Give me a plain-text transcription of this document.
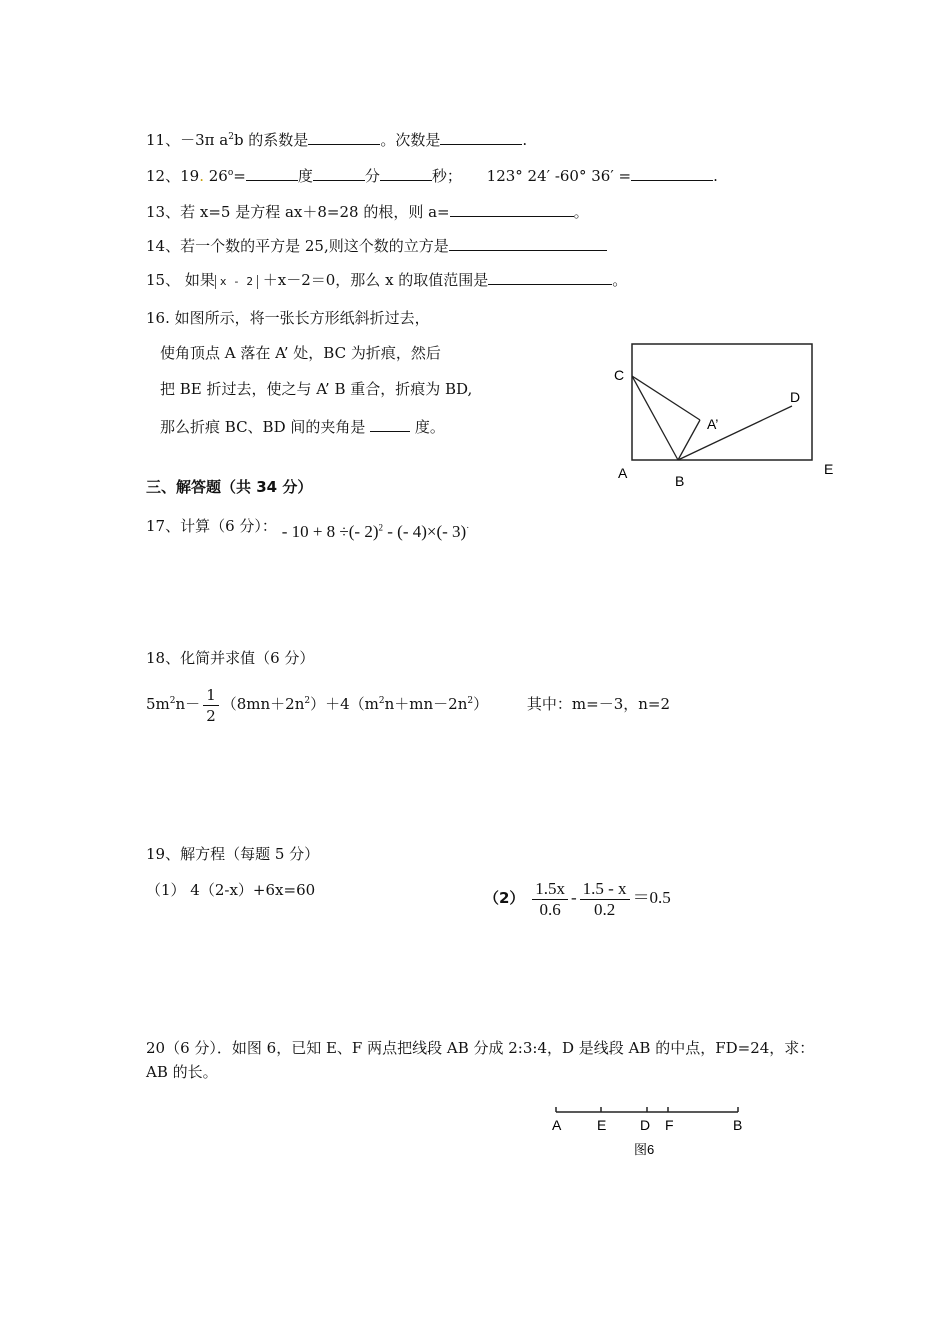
11、－3π $a^2b$ 的系数是	。次数是	.
12、19. $26^o=$	度	分	秒； 123° 24′ -60° 36′ =	.
13、若 x=5 是方程 ax＋8=28 的根，则 a=	。
14、若一个数的平方是 25,则这个数的立方是
15、 如果 x - 2 ＋x－2＝0，那么 x 的取值范围是	。
16. 如图所示，将一张长方形纸斜折过去，
使角顶点 A 落在 A’ 处，BC 为折痕，然后
把 BE 折过去，使之与 A’ B 重合，折痕为 BD,
那么折痕 BC、BD 间的夹角是	度。
C
D
A’
A	B
E
三、解答题（共 34 分）
17、计算（6 分）： - 10 + 8 ÷(- 2)$^2$ - (- 4)×(- 3)·
18、化简并求值（6 分）
$5m^2n- \frac{1}{2} (8mn+2n^2)+4(m^2n+mn-2n^2)$	其中：m=－3，n=2
19、解方程（每题 5 分）
（1） 4（2-x）+6x=60	$(2) \frac{1.5x}{0.6} - \frac{1.5 - x}{0.2} =0.5$
20（6 分）．如图 6，已知 E、F 两点把线段 AB 分成 2:3:4，D 是线段 AB 的中点，FD=24，求：
AB 的长。
A	E D F	B
图6
